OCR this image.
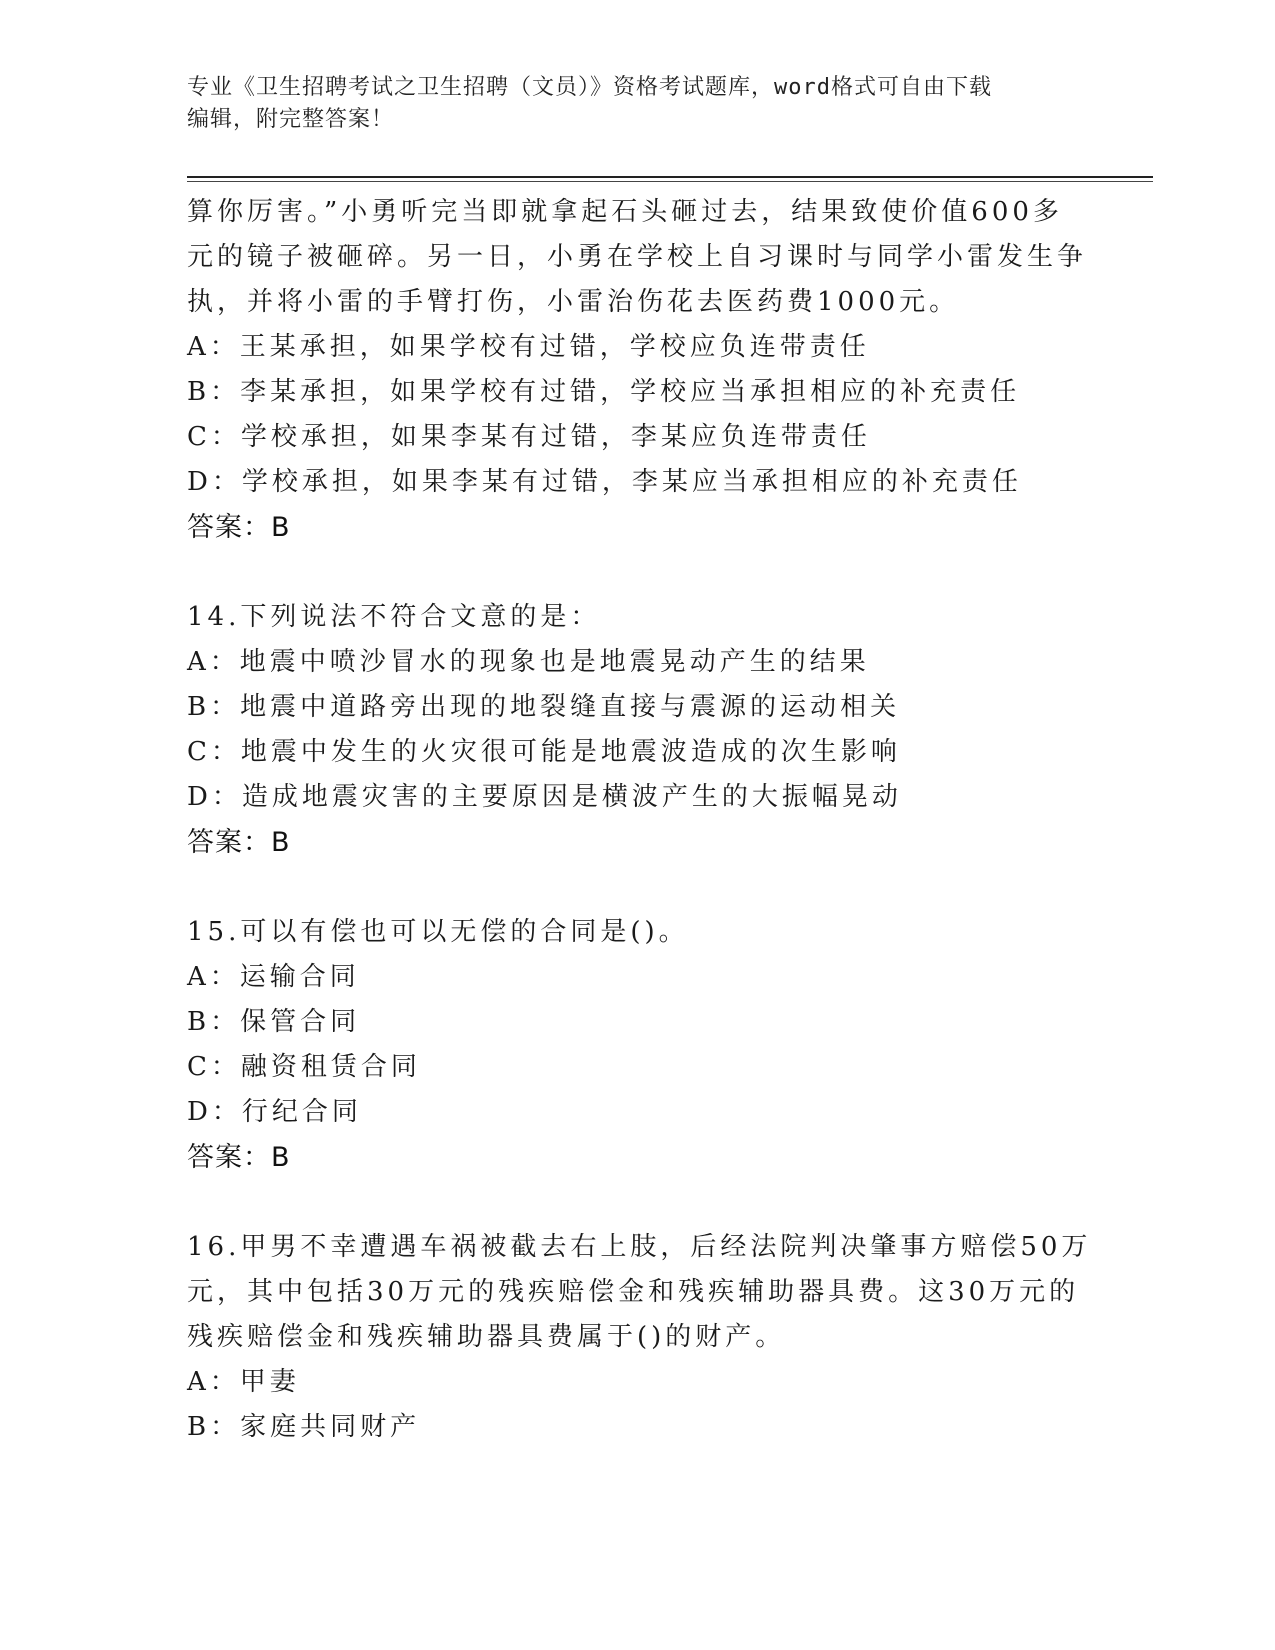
专业《卫生招聘考试之卫生招聘（文员）》资格考试题库，word格式可自由下载
编辑，附完整答案！
算你厉害。”小勇听完当即就拿起石头砸过去，结果致使价值600多
元的镜子被砸碎。另一日，小勇在学校上自习课时与同学小雷发生争
执，并将小雷的手臂打伤，小雷治伤花去医药费1000元。
A：王某承担，如果学校有过错，学校应负连带责任
B：李某承担，如果学校有过错，学校应当承担相应的补充责任
C：学校承担，如果李某有过错，李某应负连带责任
D：学校承担，如果李某有过错，李某应当承担相应的补充责任
答案：B
14.下列说法不符合文意的是：
A：地震中喷沙冒水的现象也是地震晃动产生的结果
B：地震中道路旁出现的地裂缝直接与震源的运动相关
C：地震中发生的火灾很可能是地震波造成的次生影响
D：造成地震灾害的主要原因是横波产生的大振幅晃动
答案：B
15.可以有偿也可以无偿的合同是()。
A：运输合同
B：保管合同
C：融资租赁合同
D：行纪合同
答案：B
16.甲男不幸遭遇车祸被截去右上肢，后经法院判决肇事方赔偿50万
元，其中包括30万元的残疾赔偿金和残疾辅助器具费。这30万元的
残疾赔偿金和残疾辅助器具费属于()的财产。
A：甲妻
B：家庭共同财产
